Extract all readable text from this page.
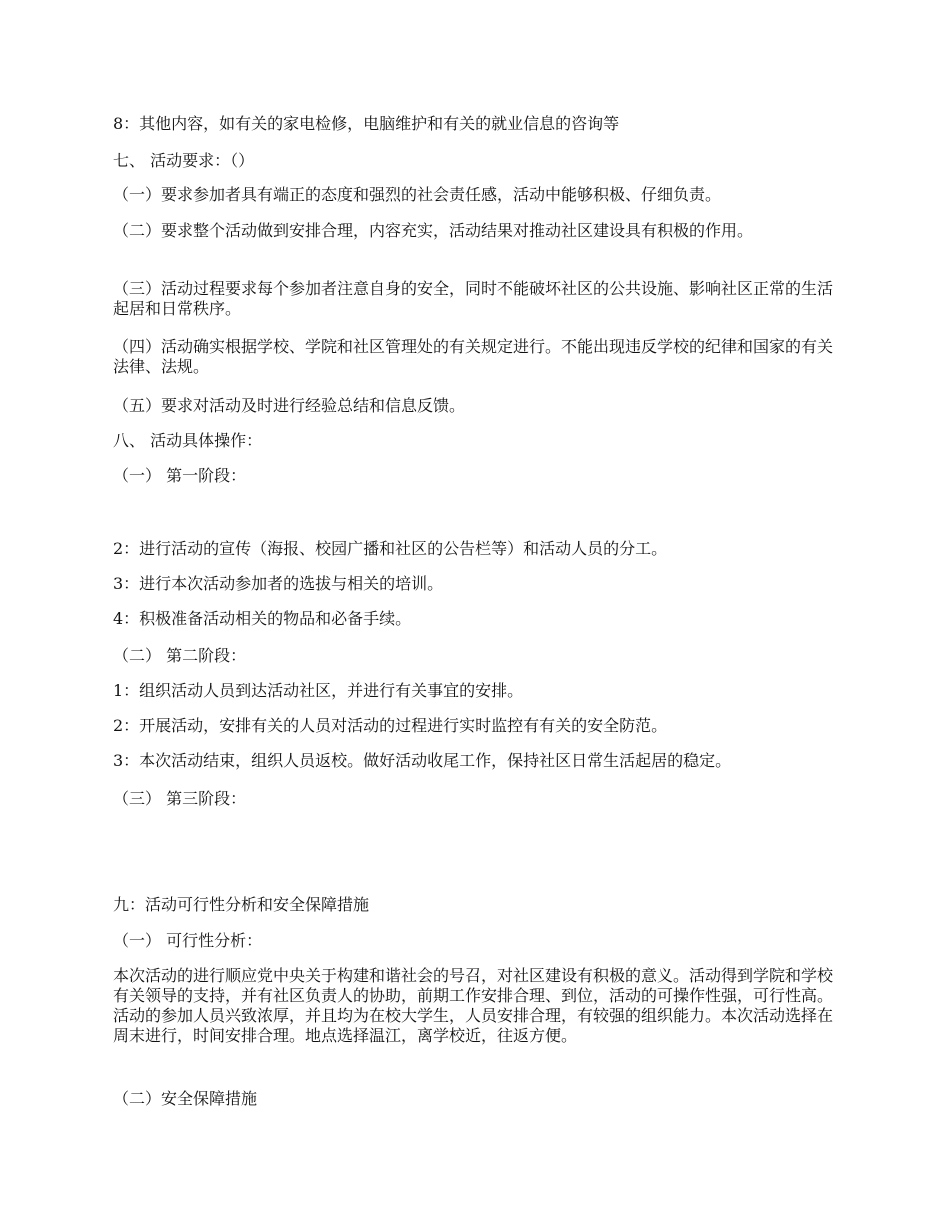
8：其他内容，如有关的家电检修，电脑维护和有关的就业信息的咨询等
七、 活动要求：（）
（一）要求参加者具有端正的态度和强烈的社会责任感，活动中能够积极、仔细负责。
（二）要求整个活动做到安排合理，内容充实，活动结果对推动社区建设具有积极的作用。
（三）活动过程要求每个参加者注意自身的安全，同时不能破坏社区的公共设施、影响社区正常的生活起居和日常秩序。
（四）活动确实根据学校、学院和社区管理处的有关规定进行。不能出现违反学校的纪律和国家的有关法律、法规。
（五）要求对活动及时进行经验总结和信息反馈。
八、 活动具体操作：
（一） 第一阶段：
2：进行活动的宣传（海报、校园广播和社区的公告栏等）和活动人员的分工。
3：进行本次活动参加者的选拔与相关的培训。
4：积极准备活动相关的物品和必备手续。
（二） 第二阶段：
1：组织活动人员到达活动社区，并进行有关事宜的安排。
2：开展活动，安排有关的人员对活动的过程进行实时监控有有关的安全防范。
3：本次活动结束，组织人员返校。做好活动收尾工作，保持社区日常生活起居的稳定。
（三） 第三阶段：
九：活动可行性分析和安全保障措施
（一） 可行性分析：
本次活动的进行顺应党中央关于构建和谐社会的号召，对社区建设有积极的意义。活动得到学院和学校有关领导的支持，并有社区负责人的协助，前期工作安排合理、到位，活动的可操作性强，可行性高。活动的参加人员兴致浓厚，并且均为在校大学生，人员安排合理，有较强的组织能力。本次活动选择在周末进行，时间安排合理。地点选择温江，离学校近，往返方便。
（二）安全保障措施
